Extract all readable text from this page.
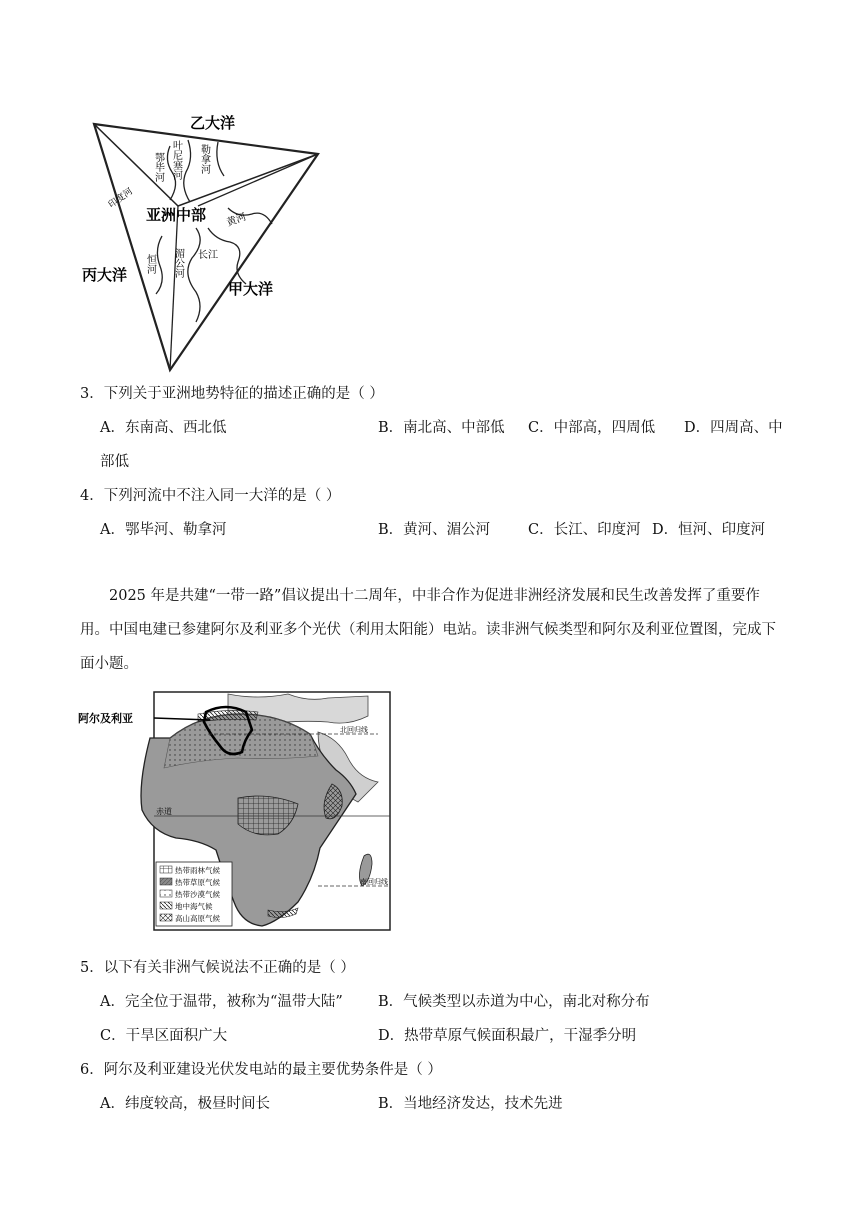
乙大洋
丙大洋
甲大洋
亚洲中部
印度河
黄河
长江
鄂毕河 叶尼塞河 勒拿河
恒河 湄公河
3．下列关于亚洲地势特征的描述正确的是（ ）
A．东南高、西北低	B．南北高、中部低 C．中部高，四周低 D．四周高、中
部低
4．下列河流中不注入同一大洋的是（ ）
A．鄂毕河、勒拿河	B．黄河、湄公河	C．长江、印度河 D．恒河、印度河
2025 年是共建“一带一路”倡议提出十二周年，中非合作为促进非洲经济发展和民生改善发挥了重要作用。中国电建已参建阿尔及利亚多个光伏（利用太阳能）电站。读非洲气候类型和阿尔及利亚位置图，完成下面小题。
阿尔及利亚
赤道
北回归线
南回归线
热带雨林气候
热带草原气候
热带沙漠气候
地中海气候
高山高原气候
5．以下有关非洲气候说法不正确的是（ ）
A．完全位于温带，被称为“温带大陆” B．气候类型以赤道为中心，南北对称分布
C．干旱区面积广大	D．热带草原气候面积最广，干湿季分明
6．阿尔及利亚建设光伏发电站的最主要优势条件是（ ）
A．纬度较高，极昼时间长	B．当地经济发达，技术先进
